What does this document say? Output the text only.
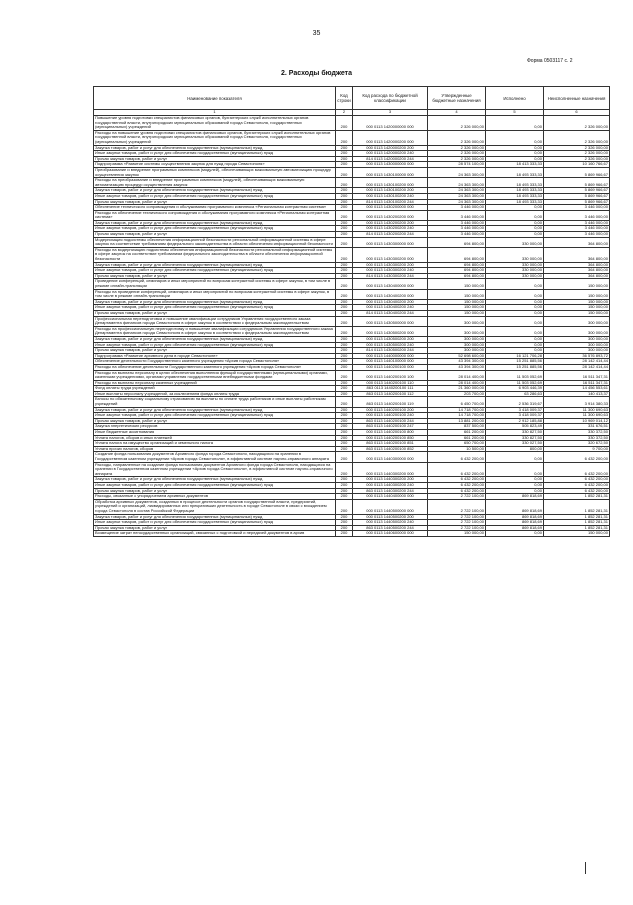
35
Форма 0503117 с. 2
2. Расходы бюджета
Наименование показателя	Код строки	Код расхода по бюджетной классификации	Утвержденные бюджетные назначения	Исполнено	Неисполненные назначения
1	2	3	4	5	6
Повышение уровня подготовки специалистов финансовых органов, бухгалтерских служб исполнительных органов государственной власти, внутригородских муниципальных образований города Севастополя, государственных (муниципальных) учреждений	200	000 0113 1420000000 000	2 326 000,00	0,00	2 326 000,00
Расходы на повышение уровня подготовки специалистов финансовых органов, бухгалтерских служб исполнительных органов государственной власти, внутригородских муниципальных образований города Севастополя, государственных (муниципальных) учреждений	200	000 0113 1420000200 000	2 326 000,00	0,00	2 326 000,00
Закупка товаров, работ и услуг для обеспечения государственных (муниципальных) нужд	200	000 0113 1420000200 200	2 326 000,00	0,00	2 326 000,00
Иные закупки товаров, работ и услуг для обеспечения государственных (муниципальных) нужд	200	000 0113 1420000200 240	2 326 000,00	0,00	2 326 000,00
Прочая закупка товаров, работ и услуг	200	814 0113 1420000200 244	2 326 000,00	0,00	2 326 000,00
Подпрограмма «Развитие системы осуществления закупок для нужд города Севастополя»	200	000 0113 1430000000 000	28 574 100,00	18 413 333,33	10 160 766,67
Преобразование и внедрение программных комплексов (модулей), обеспечивающих максимальную автоматизацию процедур осуществления закупок	200	000 0113 1430100000 000	24 363 300,00	18 493 333,33	5 869 966,67
Расходы на преобразование и внедрение программных комплексов (модулей), обеспечивающих максимальную автоматизацию процедур осуществления закупок	200	000 0113 1430100200 000	24 363 300,00	18 493 333,33	5 869 966,67
Закупка товаров, работ и услуг для обеспечения государственных (муниципальных) нужд	200	000 0113 1430100200 200	24 363 300,00	18 493 333,33	5 869 966,67
Иные закупки товаров, работ и услуг для обеспечения государственных (муниципальных) нужд	200	000 0113 1430100200 240	24 363 300,00	18 493 333,33	5 869 966,67
Прочая закупка товаров, работ и услуг	200	814 0113 1430100200 244	24 363 300,00	18 493 333,33	5 869 966,67
Обеспечение технического сопровождения и обслуживания программного комплекса «Региональная контрактная система»	200	000 0113 1430200000 000	3 446 000,00	0,00	3 446 000,00
Расходы на обеспечение технического сопровождения и обслуживания программного комплекса «Региональная контрактная система»	200	000 0113 1430200200 000	3 446 000,00	0,00	3 446 000,00
Закупка товаров, работ и услуг для обеспечения государственных (муниципальных) нужд	200	000 0113 1430200200 200	3 446 000,00	0,00	3 446 000,00
Иные закупки товаров, работ и услуг для обеспечения государственных (муниципальных) нужд	200	000 0113 1430200200 240	3 446 000,00	0,00	3 446 000,00
Прочая закупка товаров, работ и услуг	200	814 0113 1430200200 244	3 446 000,00	0,00	3 446 000,00
Модернизация подсистемы обеспечения информационной безопасности региональной информационной системы в сфере закупок на соответствие требованиям федерального законодательства в области обеспечения информационной безопасности	200	000 0113 1430300000 000	694 800,00	330 000,00	364 800,00
Расходы на модернизацию подсистемы обеспечения информационной безопасности региональной информационной системы в сфере закупок на соответствие требованиям федерального законодательства в области обеспечения информационной безопасности	200	000 0113 1430300200 000	694 800,00	330 000,00	364 800,00
Закупка товаров, работ и услуг для обеспечения государственных (муниципальных) нужд	200	000 0113 1430300200 200	694 800,00	330 000,00	364 800,00
Иные закупки товаров, работ и услуг для обеспечения государственных (муниципальных) нужд	200	000 0113 1430300200 240	694 800,00	330 000,00	364 800,00
Прочая закупка товаров, работ и услуг	200	814 0113 1430300200 244	694 800,00	330 000,00	364 800,00
Проведение конференций, семинаров и иных мероприятий по вопросам контрактной системы в сфере закупок, в том числе в режиме онлайн-трансляции	200	000 0113 1430400000 000	150 000,00	0,00	150 000,00
Расходы на проведение конференций, семинаров и иных мероприятий по вопросам контрактной системы в сфере закупок, в том числе в режиме онлайн-трансляции	200	000 0113 1430400200 000	150 000,00	0,00	150 000,00
Закупка товаров, работ и услуг для обеспечения государственных (муниципальных) нужд	200	000 0113 1430400200 200	150 000,00	0,00	150 000,00
Иные закупки товаров, работ и услуг для обеспечения государственных (муниципальных) нужд	200	000 0113 1430400200 240	150 000,00	0,00	150 000,00
Прочая закупка товаров, работ и услуг	200	814 0113 1430400200 244	150 000,00	0,00	150 000,00
Профессиональная переподготовка и повышение квалификации сотрудников Управления государственного заказа Департамента финансов города Севастополя в сфере закупок в соответствии с федеральным законодательством	200	000 0113 1430500000 000	300 000,00	0,00	300 000,00
Расходы на профессиональную переподготовку и повышение квалификации сотрудников Управления государственного заказа Департамента финансов города Севастополя в сфере закупок в соответствии с федеральным законодательством	200	000 0113 1430500200 000	300 000,00	0,00	300 000,00
Закупка товаров, работ и услуг для обеспечения государственных (муниципальных) нужд	200	000 0113 1430500200 200	300 000,00	0,00	300 000,00
Иные закупки товаров, работ и услуг для обеспечения государственных (муниципальных) нужд	200	000 0113 1430500200 240	300 000,00	0,00	300 000,00
Прочая закупка товаров, работ и услуг	200	814 0113 1430500200 244	300 000,00	0,00	300 000,00
Подпрограмма «Развитие архивного дела в городе Севастополе»	200	000 0113 1440000000 000	52 698 600,00	16 121 706,28	36 576 893,72
Обеспечение деятельности Государственного казенного учреждения «Архив города Севастополя»	200	000 0113 1440100000 000	43 394 300,00	15 251 885,56	28 142 414,44
Расходы на обеспечение деятельности Государственного казенного учреждения «Архив города Севастополя»	200	000 0113 1440200100 000	43 394 300,00	15 251 885,56	28 142 414,44
Расходы на выплаты персоналу в целях обеспечения выполнения функций государственными (муниципальными) органами, казенными учреждениями, органами управления государственными внебюджетными фондами	200	000 0113 1440200100 100	28 014 400,00	11 503 052,69	16 511 347,31
Расходы на выплаты персоналу казенных учреждений	200	000 0113 1440200100 110	28 014 400,00	11 503 052,69	16 511 347,31
Фонд оплаты труда учреждений	200	863 0113 1440200100 111	21 360 000,00	6 903 446,39	14 456 553,61
Иные выплаты персоналу учреждений, за исключением фонда оплаты труда	200	863 0113 1440200100 112	203 700,00	63 286,63	140 413,37
Взносы по обязательному социальному страхованию на выплаты по оплате труда работников и иные выплаты работникам учреждений	200	863 0113 1440200100 119	6 450 700,00	2 536 319,67	3 914 380,33
Закупка товаров, работ и услуг для обеспечения государственных (муниципальных) нужд	200	000 0113 1440200100 200	14 718 700,00	3 418 009,37	11 300 690,63
Иные закупки товаров, работ и услуг для обеспечения государственных (муниципальных) нужд	200	000 0113 1440200100 240	14 718 700,00	3 418 009,37	11 300 690,63
Прочая закупка товаров, работ и услуг	200	863 0113 1440200100 244	13 881 200,00	2 912 185,88	10 969 014,12
Закупка энергетических ресурсов	200	863 0113 1440200100 247	837 500,00	505 823,49	331 676,51
Иные бюджетные ассигнования	200	000 0113 1440200100 800	661 200,00	330 827,50	330 372,50
Уплата налогов, сборов и иных платежей	200	000 0113 1440200100 850	661 200,00	330 827,50	330 372,50
Уплата налога на имущество организаций и земельного налога	200	863 0113 1440200100 851	650 700,00	330 027,50	320 672,50
Уплата прочих налогов, сборов	200	863 0113 1440200100 852	10 500,00	800,00	9 700,00
Создание фонда пользования документов Архивного фонда города Севастополя, находящихся на хранении в Государственном казенном учреждении «Архив города Севастополя», в эффективной системе научно-справочного аппарата	200	000 0113 1440300000 000	6 432 200,00	0,00	6 432 200,00
Расходы, направленные на создание фонда пользования документов Архивного фонда города Севастополя, находящихся на хранении в Государственном казенном учреждении «Архив города Севастополя», в эффективной системе научно-справочного аппарата	200	000 0113 1440300200 000	6 432 200,00	0,00	6 432 200,00
Закупка товаров, работ и услуг для обеспечения государственных (муниципальных) нужд	200	000 0113 1440300200 200	6 432 200,00	0,00	6 432 200,00
Иные закупки товаров, работ и услуг для обеспечения государственных (муниципальных) нужд	200	000 0113 1440300200 240	6 432 200,00	0,00	6 432 200,00
Прочая закупка товаров, работ и услуг	200	863 0113 1440300200 244	6 432 200,00	0,00	6 432 200,00
Расходы, связанные с упорядочением архивных документов	200	000 0113 1440400000 000	2 722 100,00	869 818,69	1 852 281,31
Обработка архивных документов, созданных в процессе деятельности органов государственной власти, предприятий, учреждений и организаций, ликвидированных или прекративших деятельность в городе Севастополе в связи с вхождением города Севастополя в состав Российской Федерации	200	000 0113 1440500000 000	2 722 100,00	869 818,69	1 852 281,31
Закупка товаров, работ и услуг для обеспечения государственных (муниципальных) нужд	200	000 0113 1440500200 200	2 722 100,00	869 818,69	1 852 281,31
Иные закупки товаров, работ и услуг для обеспечения государственных (муниципальных) нужд	200	000 0113 1440500200 240	2 722 100,00	869 818,69	1 852 281,31
Прочая закупка товаров, работ и услуг	200	863 0113 1440500200 244	2 722 100,00	869 818,69	1 852 281,31
Возмещение затрат негосударственных организаций, связанных с подготовкой и передачей документов в архив	200	000 0113 1440600000 000	150 000,00	0,00	150 000,00
